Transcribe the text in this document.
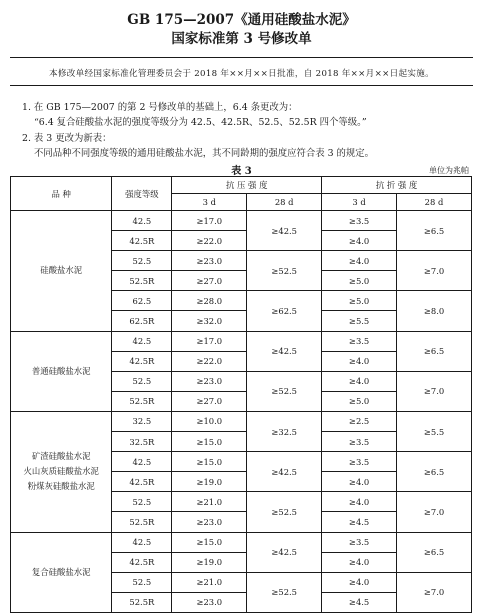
GB 175—2007《通用硅酸盐水泥》
国家标准第 3 号修改单
本修改单经国家标准化管理委员会于 2018 年××月××日批准，自 2018 年××月××日起实施。
1. 在 GB 175—2007 的第 2 号修改单的基础上，6.4 条更改为：
“6.4 复合硅酸盐水泥的强度等级分为 42.5、42.5R、52.5、52.5R 四个等级。”
2. 表 3 更改为新表：
不同品种不同强度等级的通用硅酸盐水泥，其不同龄期的强度应符合表 3 的规定。
表 3	单位为兆帕
品 种	强度等级	抗 压 强 度		抗 折 强 度	
		3 d	28 d	3 d	28 d

硅酸盐水泥	42.5	≥17.0	≥42.5	≥3.5	≥6.5
	42.5R	≥22.0		≥4.0	
	52.5	≥23.0	≥52.5	≥4.0	≥7.0
	52.5R	≥27.0		≥5.0	
	62.5	≥28.0	≥62.5	≥5.0	≥8.0
	62.5R	≥32.0		≥5.5	

普通硅酸盐水泥	42.5	≥17.0	≥42.5	≥3.5	≥6.5
	42.5R	≥22.0		≥4.0	
	52.5	≥23.0	≥52.5	≥4.0	≥7.0
	52.5R	≥27.0		≥5.0	

矿渣硅酸盐水泥
火山灰质硅酸盐水泥
粉煤灰硅酸盐水泥	32.5	≥10.0	≥32.5	≥2.5	≥5.5
	32.5R	≥15.0		≥3.5	
	42.5	≥15.0	≥42.5	≥3.5	≥6.5
	42.5R	≥19.0		≥4.0	
	52.5	≥21.0	≥52.5	≥4.0	≥7.0
	52.5R	≥23.0		≥4.5	

复合硅酸盐水泥	42.5	≥15.0	≥42.5	≥3.5	≥6.5
	42.5R	≥19.0		≥4.0	
	52.5	≥21.0	≥52.5	≥4.0	≥7.0
	52.5R	≥23.0		≥4.5	
